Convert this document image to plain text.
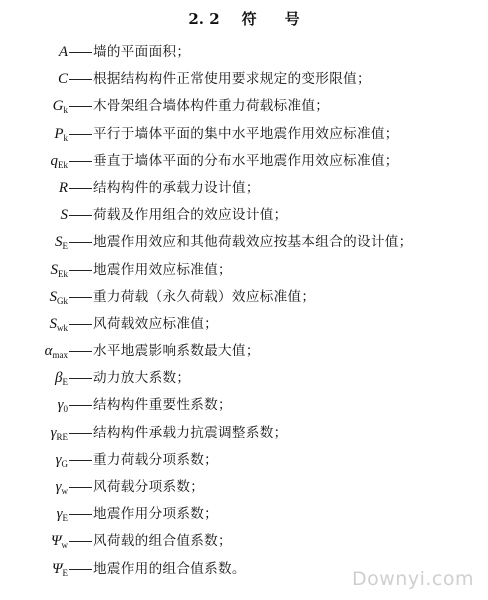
2. 2 符 号
A 墙的平面面积；
C 根据结构构件正常使用要求规定的变形限值；
$G_k$ 木骨架组合墙体构件重力荷载标准值；
$P_k$ 平行于墙体平面的集中水平地震作用效应标准值；
$q_{Ek}$ 垂直于墙体平面的分布水平地震作用效应标准值；
R 结构构件的承载力设计值；
S 荷载及作用组合的效应设计值；
$S_E$ 地震作用效应和其他荷载效应按基本组合的设计值；
$S_{Ek}$ 地震作用效应标准值；
$S_{Gk}$ 重力荷载（永久荷载）效应标准值；
$S_{wk}$ 风荷载效应标准值；
$\alpha_{max}$ 水平地震影响系数最大值；
$\beta_E$ 动力放大系数；
$\gamma_0$ 结构构件重要性系数；
$\gamma_{RE}$ 结构构件承载力抗震调整系数；
$\gamma_G$ 重力荷载分项系数；
$\gamma_w$ 风荷载分项系数；
$\gamma_E$ 地震作用分项系数；
$\Psi_w$ 风荷载的组合值系数；
$\Psi_E$ 地震作用的组合值系数。	Downyi.com
